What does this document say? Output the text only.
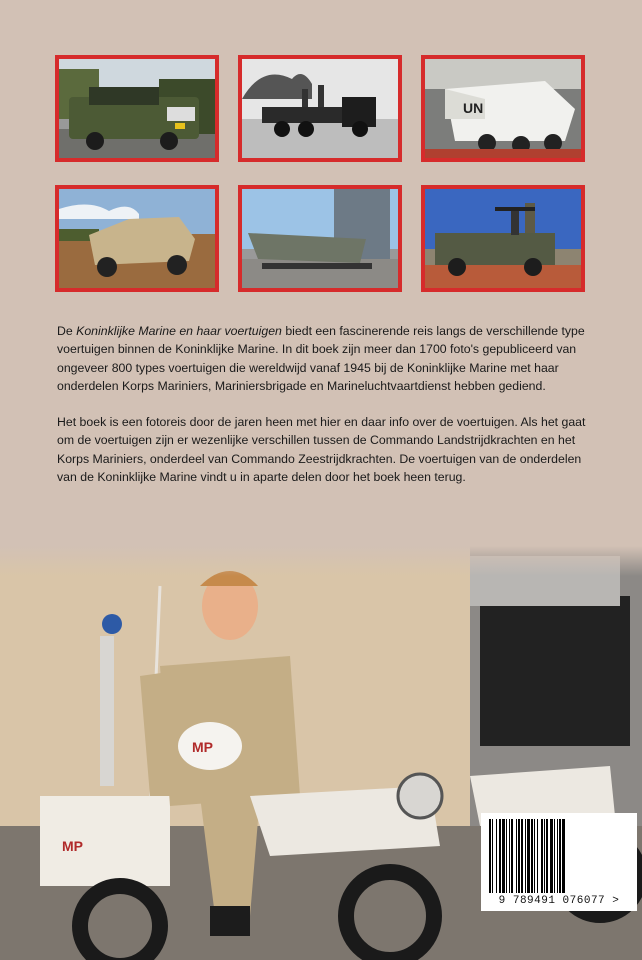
UN

De Koninklijke Marine en haar voertuigen biedt een fascinerende reis langs de verschillende type voertuigen binnen de Koninklijke Marine. In dit boek zijn meer dan 1700 foto's gepubliceerd van ongeveer 800 types voertuigen die wereldwijd vanaf 1945 bij de Koninklijke Marine met haar onderdelen Korps Mariniers, Mariniersbrigade en Marineluchtvaartdienst hebben gediend.

Het boek is een fotoreis door de jaren heen met hier en daar info over de voertuigen. Als het gaat om de voertuigen zijn er wezenlijke verschillen tussen de Commando Landstrijdkrachten en het Korps Mariniers, onderdeel van Commando Zeestrijdkrachten. De voertuigen van de onderdelen van de Koninklijke Marine vindt u in aparte delen door het boek heen terug.

MP
MP
9 789491 076077 >
